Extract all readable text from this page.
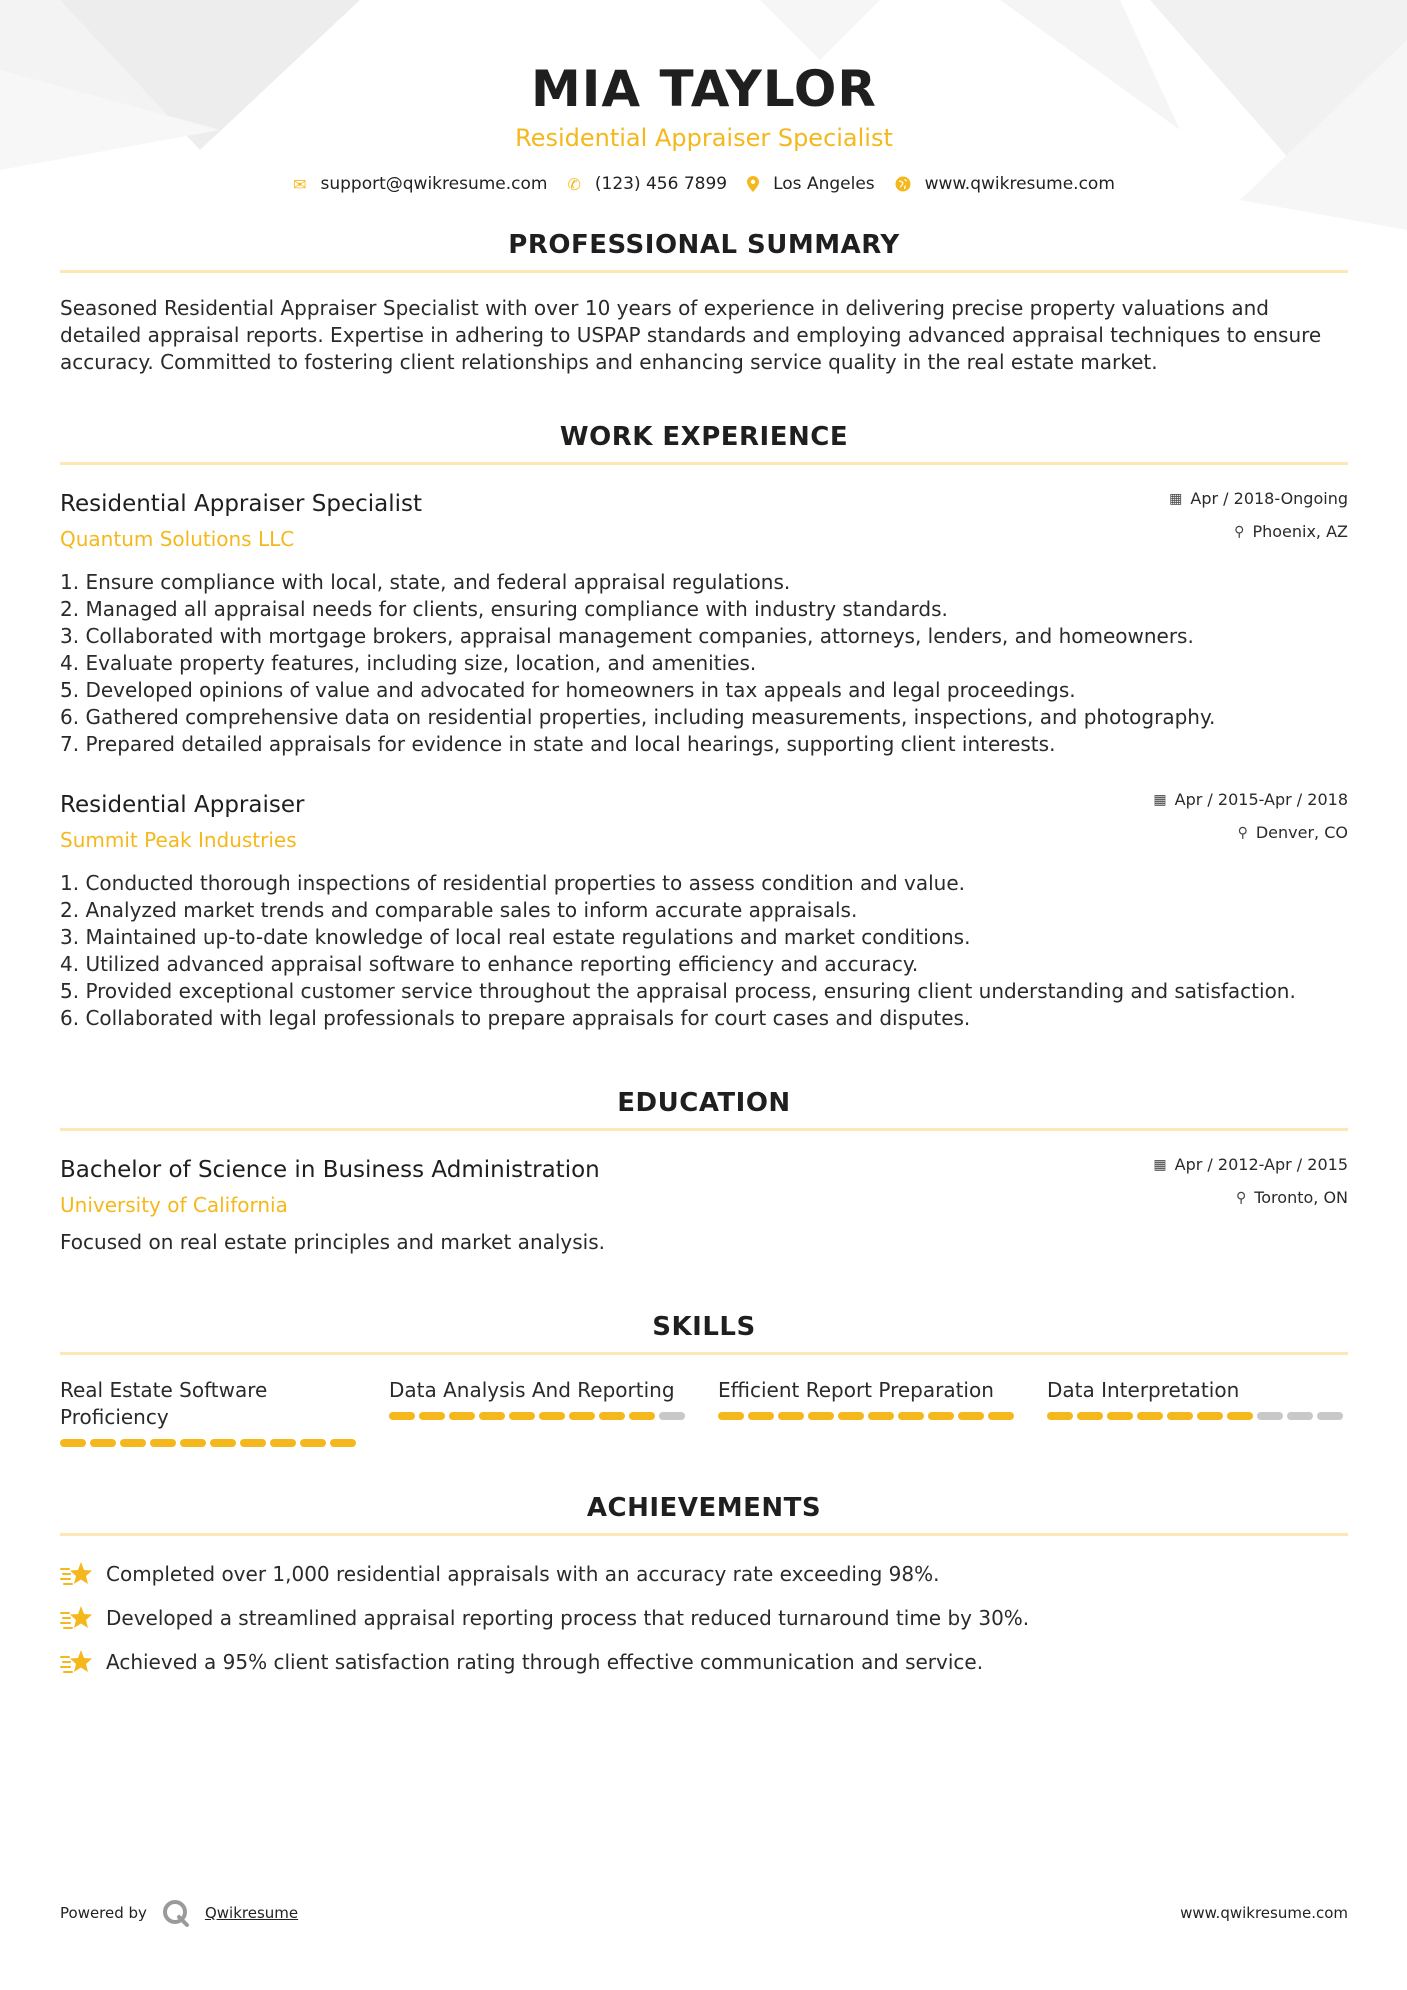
MIA TAYLOR
Residential Appraiser Specialist
✉ support@qwikresume.com ✆ (123) 456 7899	Los Angeles	www.qwikresume.com
PROFESSIONAL SUMMARY
Seasoned Residential Appraiser Specialist with over 10 years of experience in delivering precise property valuations and detailed appraisal reports. Expertise in adhering to USPAP standards and employing advanced appraisal techniques to ensure accuracy. Committed to fostering client relationships and enhancing service quality in the real estate market.
WORK EXPERIENCE
Residential Appraiser Specialist
Quantum Solutions LLC
▦ Apr / 2018-Ongoing
⚲ Phoenix, AZ
1. Ensure compliance with local, state, and federal appraisal regulations.
2. Managed all appraisal needs for clients, ensuring compliance with industry standards.
3. Collaborated with mortgage brokers, appraisal management companies, attorneys, lenders, and homeowners.
4. Evaluate property features, including size, location, and amenities.
5. Developed opinions of value and advocated for homeowners in tax appeals and legal proceedings.
6. Gathered comprehensive data on residential properties, including measurements, inspections, and photography.
7. Prepared detailed appraisals for evidence in state and local hearings, supporting client interests.
Residential Appraiser
Summit Peak Industries
▦ Apr / 2015-Apr / 2018
⚲ Denver, CO
1. Conducted thorough inspections of residential properties to assess condition and value.
2. Analyzed market trends and comparable sales to inform accurate appraisals.
3. Maintained up-to-date knowledge of local real estate regulations and market conditions.
4. Utilized advanced appraisal software to enhance reporting efficiency and accuracy.
5. Provided exceptional customer service throughout the appraisal process, ensuring client understanding and satisfaction.
6. Collaborated with legal professionals to prepare appraisals for court cases and disputes.
EDUCATION
Bachelor of Science in Business Administration
University of California
▦ Apr / 2012-Apr / 2015
⚲ Toronto, ON
Focused on real estate principles and market analysis.
SKILLS
Real Estate Software Proficiency
Data Analysis And Reporting	Efficient Report Preparation	Data Interpretation
ACHIEVEMENTS
Completed over 1,000 residential appraisals with an accuracy rate exceeding 98%.
Developed a streamlined appraisal reporting process that reduced turnaround time by 30%.
Achieved a 95% client satisfaction rating through effective communication and service.
Powered by	Qwikresume	www.qwikresume.com
